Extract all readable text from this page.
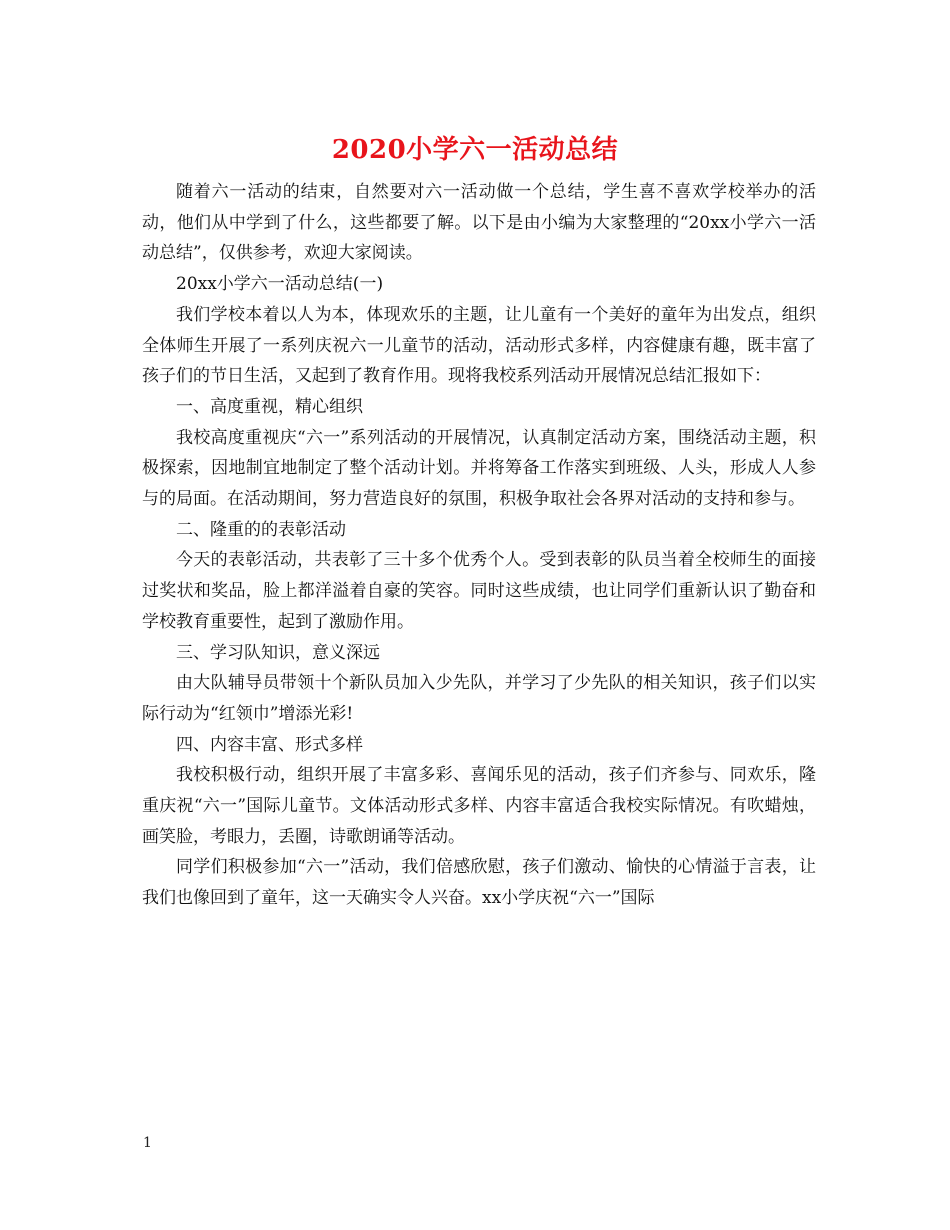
2020小学六一活动总结

随着六一活动的结束，自然要对六一活动做一个总结，学生喜不喜欢学校举办的活动，他们从中学到了什么，这些都要了解。以下是由小编为大家整理的“20xx小学六一活动总结”，仅供参考，欢迎大家阅读。

20xx小学六一活动总结(一)

我们学校本着以人为本，体现欢乐的主题，让儿童有一个美好的童年为出发点，组织全体师生开展了一系列庆祝六一儿童节的活动，活动形式多样，内容健康有趣，既丰富了孩子们的节日生活，又起到了教育作用。现将我校系列活动开展情况总结汇报如下：

一、高度重视，精心组织

我校高度重视庆“六一”系列活动的开展情况，认真制定活动方案，围绕活动主题，积极探索，因地制宜地制定了整个活动计划。并将筹备工作落实到班级、人头，形成人人参与的局面。在活动期间，努力营造良好的氛围，积极争取社会各界对活动的支持和参与。

二、隆重的的表彰活动

今天的表彰活动，共表彰了三十多个优秀个人。受到表彰的队员当着全校师生的面接过奖状和奖品，脸上都洋溢着自豪的笑容。同时这些成绩，也让同学们重新认识了勤奋和学校教育重要性，起到了激励作用。

三、学习队知识，意义深远

由大队辅导员带领十个新队员加入少先队，并学习了少先队的相关知识，孩子们以实际行动为“红领巾”增添光彩!

四、内容丰富、形式多样

我校积极行动，组织开展了丰富多彩、喜闻乐见的活动，孩子们齐参与、同欢乐，隆重庆祝“六一”国际儿童节。文体活动形式多样、内容丰富适合我校实际情况。有吹蜡烛，画笑脸，考眼力，丢圈，诗歌朗诵等活动。

同学们积极参加“六一”活动，我们倍感欣慰，孩子们激动、愉快的心情溢于言表，让我们也像回到了童年，这一天确实令人兴奋。xx小学庆祝“六一”国际

1
